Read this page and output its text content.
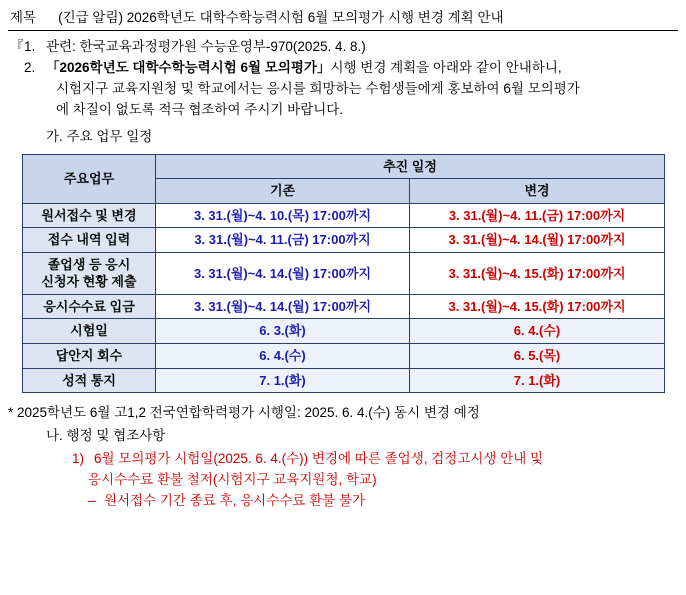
제목 (긴급 알림) 2026학년도 대학수학능력시험 6월 모의평가 시행 변경 계획 안내
『 1. 관련: 한국교육과정평가원 수능운영부-970(2025. 4. 8.)
2. 「2026학년도 대학수학능력시험 6월 모의평가」 시행 변경 계획을 아래와 같이 안내하니,
시험지구 교육지원청 및 학교에서는 응시를 희망하는 수험생들에게 홍보하여 6월 모의평가
에 차질이 없도록 적극 협조하여 주시기 바랍니다.
가. 주요 업무 일정
주요업무	추진 일정	
	기존	변경
원서접수 및 변경	3. 31.(월)~4. 10.(목) 17:00까지	3. 31.(월)~4. 11.(금) 17:00까지
접수 내역 입력	3. 31.(월)~4. 11.(금) 17:00까지	3. 31.(월)~4. 14.(월) 17:00까지

졸업생 등 응시
신청자 현황 제출	3. 31.(월)~4. 14.(월) 17:00까지	3. 31.(월)~4. 15.(화) 17:00까지
응시수수료 입금	3. 31.(월)~4. 14.(월) 17:00까지	3. 31.(월)~4. 15.(화) 17:00까지
시험일	6. 3.(화)	6. 4.(수)
답안지 회수	6. 4.(수)	6. 5.(목)
성적 통지	7. 1.(화)	7. 1.(화)
* 2025학년도 6월 고1,2 전국연합학력평가 시행일: 2025. 6. 4.(수) 동시 변경 예정
나. 행정 및 협조사항
1) 6월 모의평가 시험일(2025. 6. 4.(수)) 변경에 따른 졸업생, 검정고시생 안내 및
응시수수료 환불 철저(시험지구 교육지원청, 학교)
– 원서접수 기간 종료 후, 응시수수료 환불 불가
